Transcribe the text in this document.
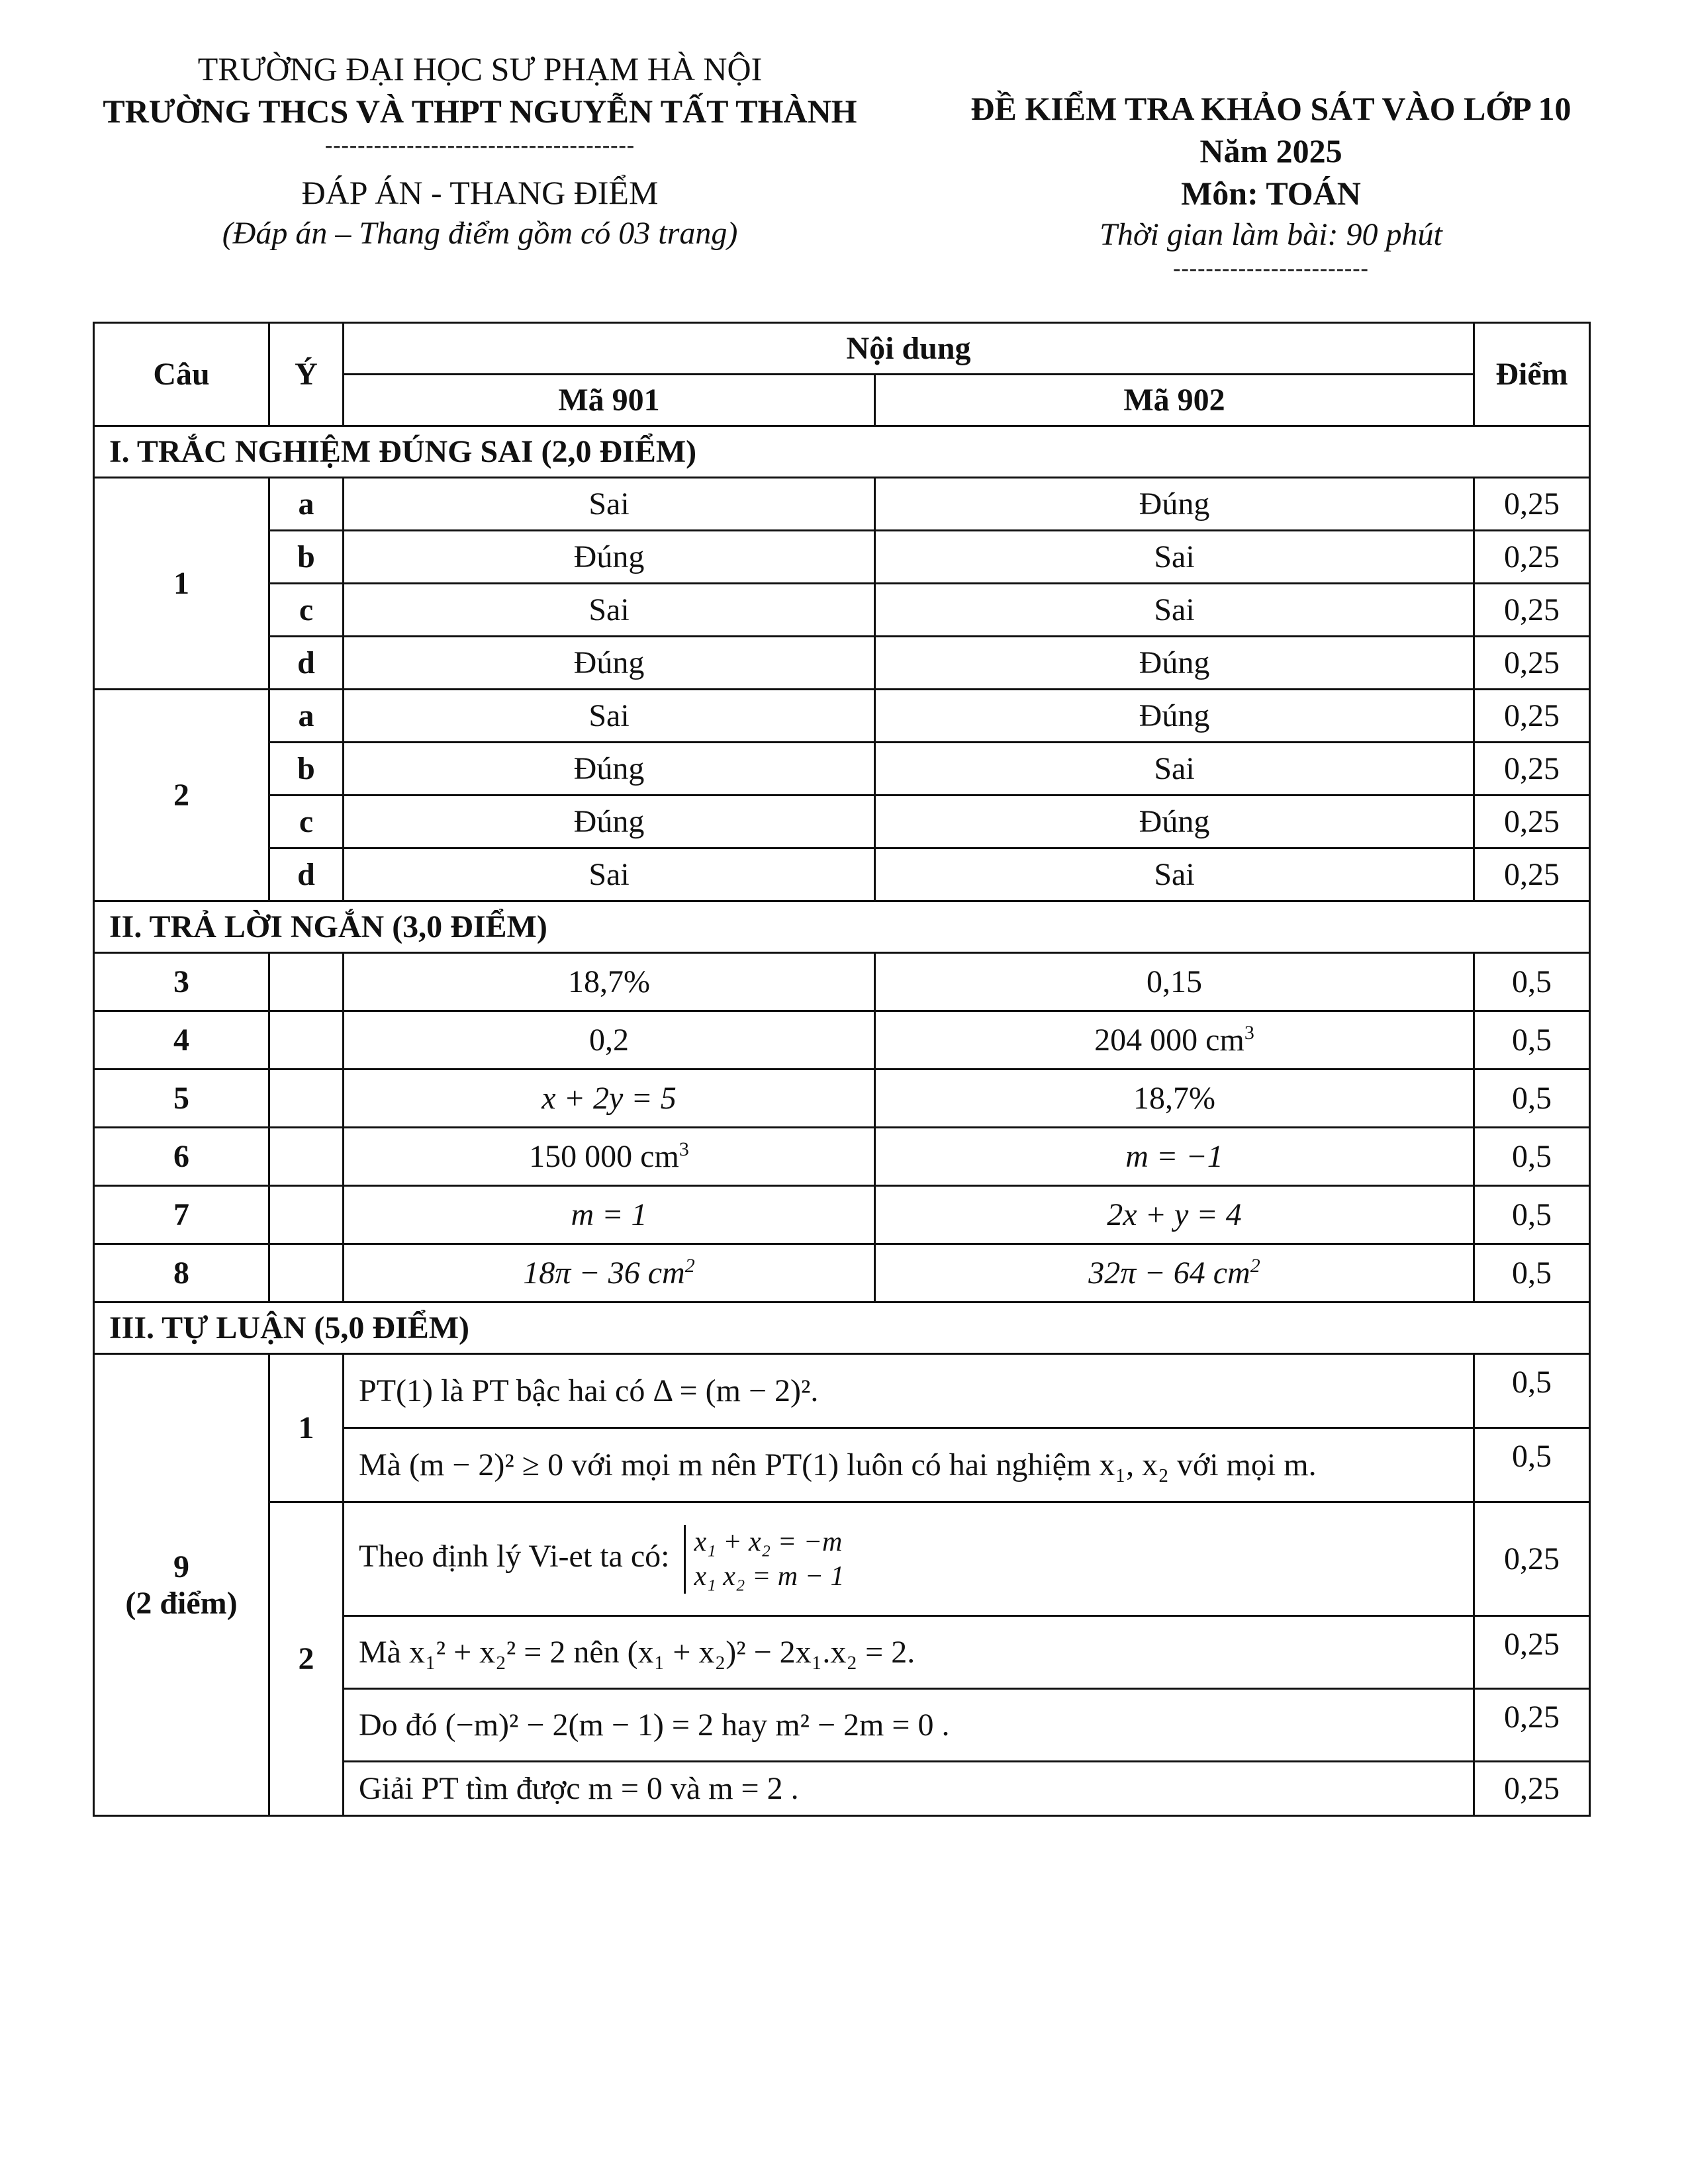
TRƯỜNG ĐẠI HỌC SƯ PHẠM HÀ NỘI
TRƯỜNG THCS VÀ THPT NGUYỄN TẤT THÀNH
--------------------------------------
ĐÁP ÁN - THANG ĐIỂM
(Đáp án – Thang điểm gồm có 03 trang)
ĐỀ KIỂM TRA KHẢO SÁT VÀO LỚP 10
Năm 2025
Môn: TOÁN
Thời gian làm bài: 90 phút
------------------------
Câu	Ý	Nội dung		Điểm
		Mã 901	Mã 902	
I. TRẮC NGHIỆM ĐÚNG SAI (2,0 ĐIỂM)				
1	a	Sai	Đúng	0,25
	b	Đúng	Sai	0,25
	c	Sai	Sai	0,25
	d	Đúng	Đúng	0,25
2	a	Sai	Đúng	0,25
	b	Đúng	Sai	0,25
	c	Đúng	Đúng	0,25
	d	Sai	Sai	0,25
II. TRẢ LỜI NGẮN (3,0 ĐIỂM)				
3		18,7%	0,15	0,5
4		0,2	204 000 $cm^3$	0,5
5		x + 2y = 5	18,7%	0,5
6		150 000 $cm^3$	m = −1	0,5
7		m = 1	2x + y = 4	0,5
8		18π − 36 $cm^2$	32π − 64 $cm^2$	0,5
III. TỰ LUẬN (5,0 ĐIỂM)				

9
(2 điểm)	1	PT(1) là PT bậc hai có Δ = (m − 2)².		0,5
		Mà (m − 2)² ≥ 0 với mọi m nên PT(1) luôn có hai nghiệm x₁, x₂ với mọi m.		0,5
	2	Theo định lý Vi-et ta có: x₁ + x₂ = −m
x₁ x₂ = m − 1		0,25
		Mà x₁² + x₂² = 2 nên (x₁ + x₂)² − 2x₁.x₂ = 2.		0,25
		Do đó (−m)² − 2(m − 1) = 2 hay m² − 2m = 0 .		0,25
		Giải PT tìm được m = 0 và m = 2 .		0,25
